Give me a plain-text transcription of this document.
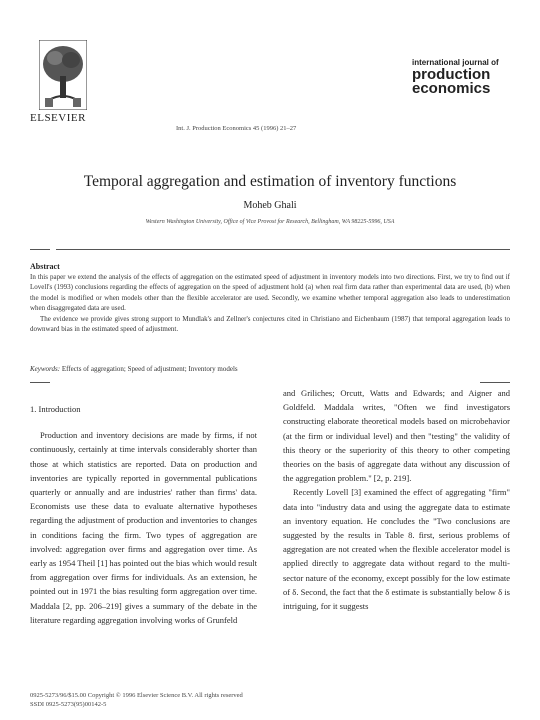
ELSEVIER
Int. J. Production Economics 45 (1996) 21–27
international journal of
production
economics
Temporal aggregation and estimation of inventory functions
Moheb Ghali
Western Washington University, Office of Vice Provost for Research, Bellingham, WA 98225-5996, USA
Abstract

In this paper we extend the analysis of the effects of aggregation on the estimated speed of adjustment in inventory models into two directions. First, we try to find out if Lovell's (1993) conclusions regarding the effects of aggregation on the speed of adjustment hold (a) when real firm data rather than experimental data are used, (b) when the model is modified or when models other than the flexible accelerator are used. Secondly, we examine whether temporal aggregation also leads to underestimation when disaggregated data are used.

The evidence we provide gives strong support to Mundlak's and Zellner's conjectures cited in Christiano and Eichenbaum (1987) that temporal aggregation leads to downward bias in the estimated speed of adjustment.

Keywords: Effects of aggregation; Speed of adjustment; Inventory models
1. Introduction

Production and inventory decisions are made by firms, if not continuously, certainly at time intervals considerably shorter than those at which statistics are reported. Data on production and inventories are typically reported in governmental publications quarterly or annually and are industries' rather than firms' data. Economists use these data to evaluate alternative hypotheses regarding the adjustment of production and inventories to changes in conditions facing the firm. Two types of aggregation are involved: aggregation over firms and aggregation over time. As early as 1954 Theil [1] has pointed out the bias which would result from aggregation over firms for individuals. As an extension, he pointed out in 1971 the bias resulting form aggregation over time. Maddala [2, pp. 206–219] gives a summary of the debate in the literature regarding aggregation involving works of Grunfeld

and Griliches; Orcutt, Watts and Edwards; and Aigner and Goldfeld. Maddala writes, "Often we find investigators constructing elaborate theoretical models based on microbehavior (at the firm or individual level) and then "testing" the validity of this theory or the superiority of this theory to other competing theories on the basis of aggregate data without any discussion of the aggregation problem." [2, p. 219].

Recently Lovell [3] examined the effect of aggregating "firm" data into "industry data and using the aggregate data to estimate an inventory equation. He concludes the "Two conclusions are suggested by the results in Table 8. first, serious problems of aggregation are not created when the flexible accelerator model is applied directly to aggregate data without regard to the multi-sector nature of the economy, except possibly for the low estimate of δ. Second, the fact that the δ estimate is substantially below δ is intriguing, for it suggests

0925-5273/96/$15.00 Copyright © 1996 Elsevier Science B.V. All rights reserved
SSDI 0925-5273(95)00142-5
